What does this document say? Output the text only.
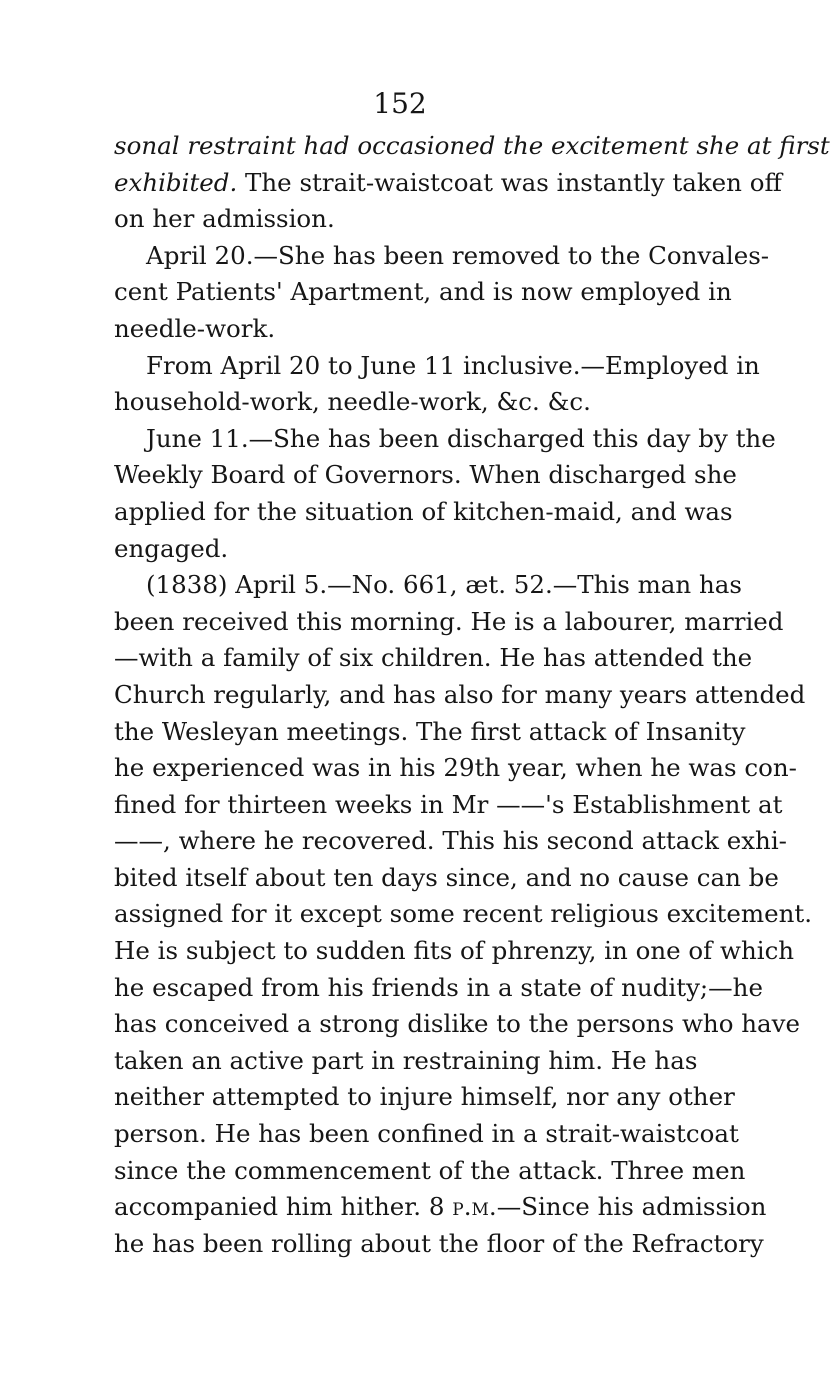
152
sonal restraint had occasioned the excitement she at first
exhibited. The strait-waistcoat was instantly taken off
on her admission.
April 20.—She has been removed to the Convales-
cent Patients' Apartment, and is now employed in
needle-work.
From April 20 to June 11 inclusive.—Employed in
household-work, needle-work, &c. &c.
June 11.—She has been discharged this day by the
Weekly Board of Governors. When discharged she
applied for the situation of kitchen-maid, and was
engaged.
(1838) April 5.—No. 661, æt. 52.—This man has
been received this morning. He is a labourer, married
—with a family of six children. He has attended the
Church regularly, and has also for many years attended
the Wesleyan meetings. The first attack of Insanity
he experienced was in his 29th year, when he was con-
fined for thirteen weeks in Mr ——'s Establishment at
——, where he recovered. This his second attack exhi-
bited itself about ten days since, and no cause can be
assigned for it except some recent religious excitement.
He is subject to sudden fits of phrenzy, in one of which
he escaped from his friends in a state of nudity;—he
has conceived a strong dislike to the persons who have
taken an active part in restraining him. He has
neither attempted to injure himself, nor any other
person. He has been confined in a strait-waistcoat
since the commencement of the attack. Three men
accompanied him hither. 8 p.m.—Since his admission
he has been rolling about the floor of the Refractory
